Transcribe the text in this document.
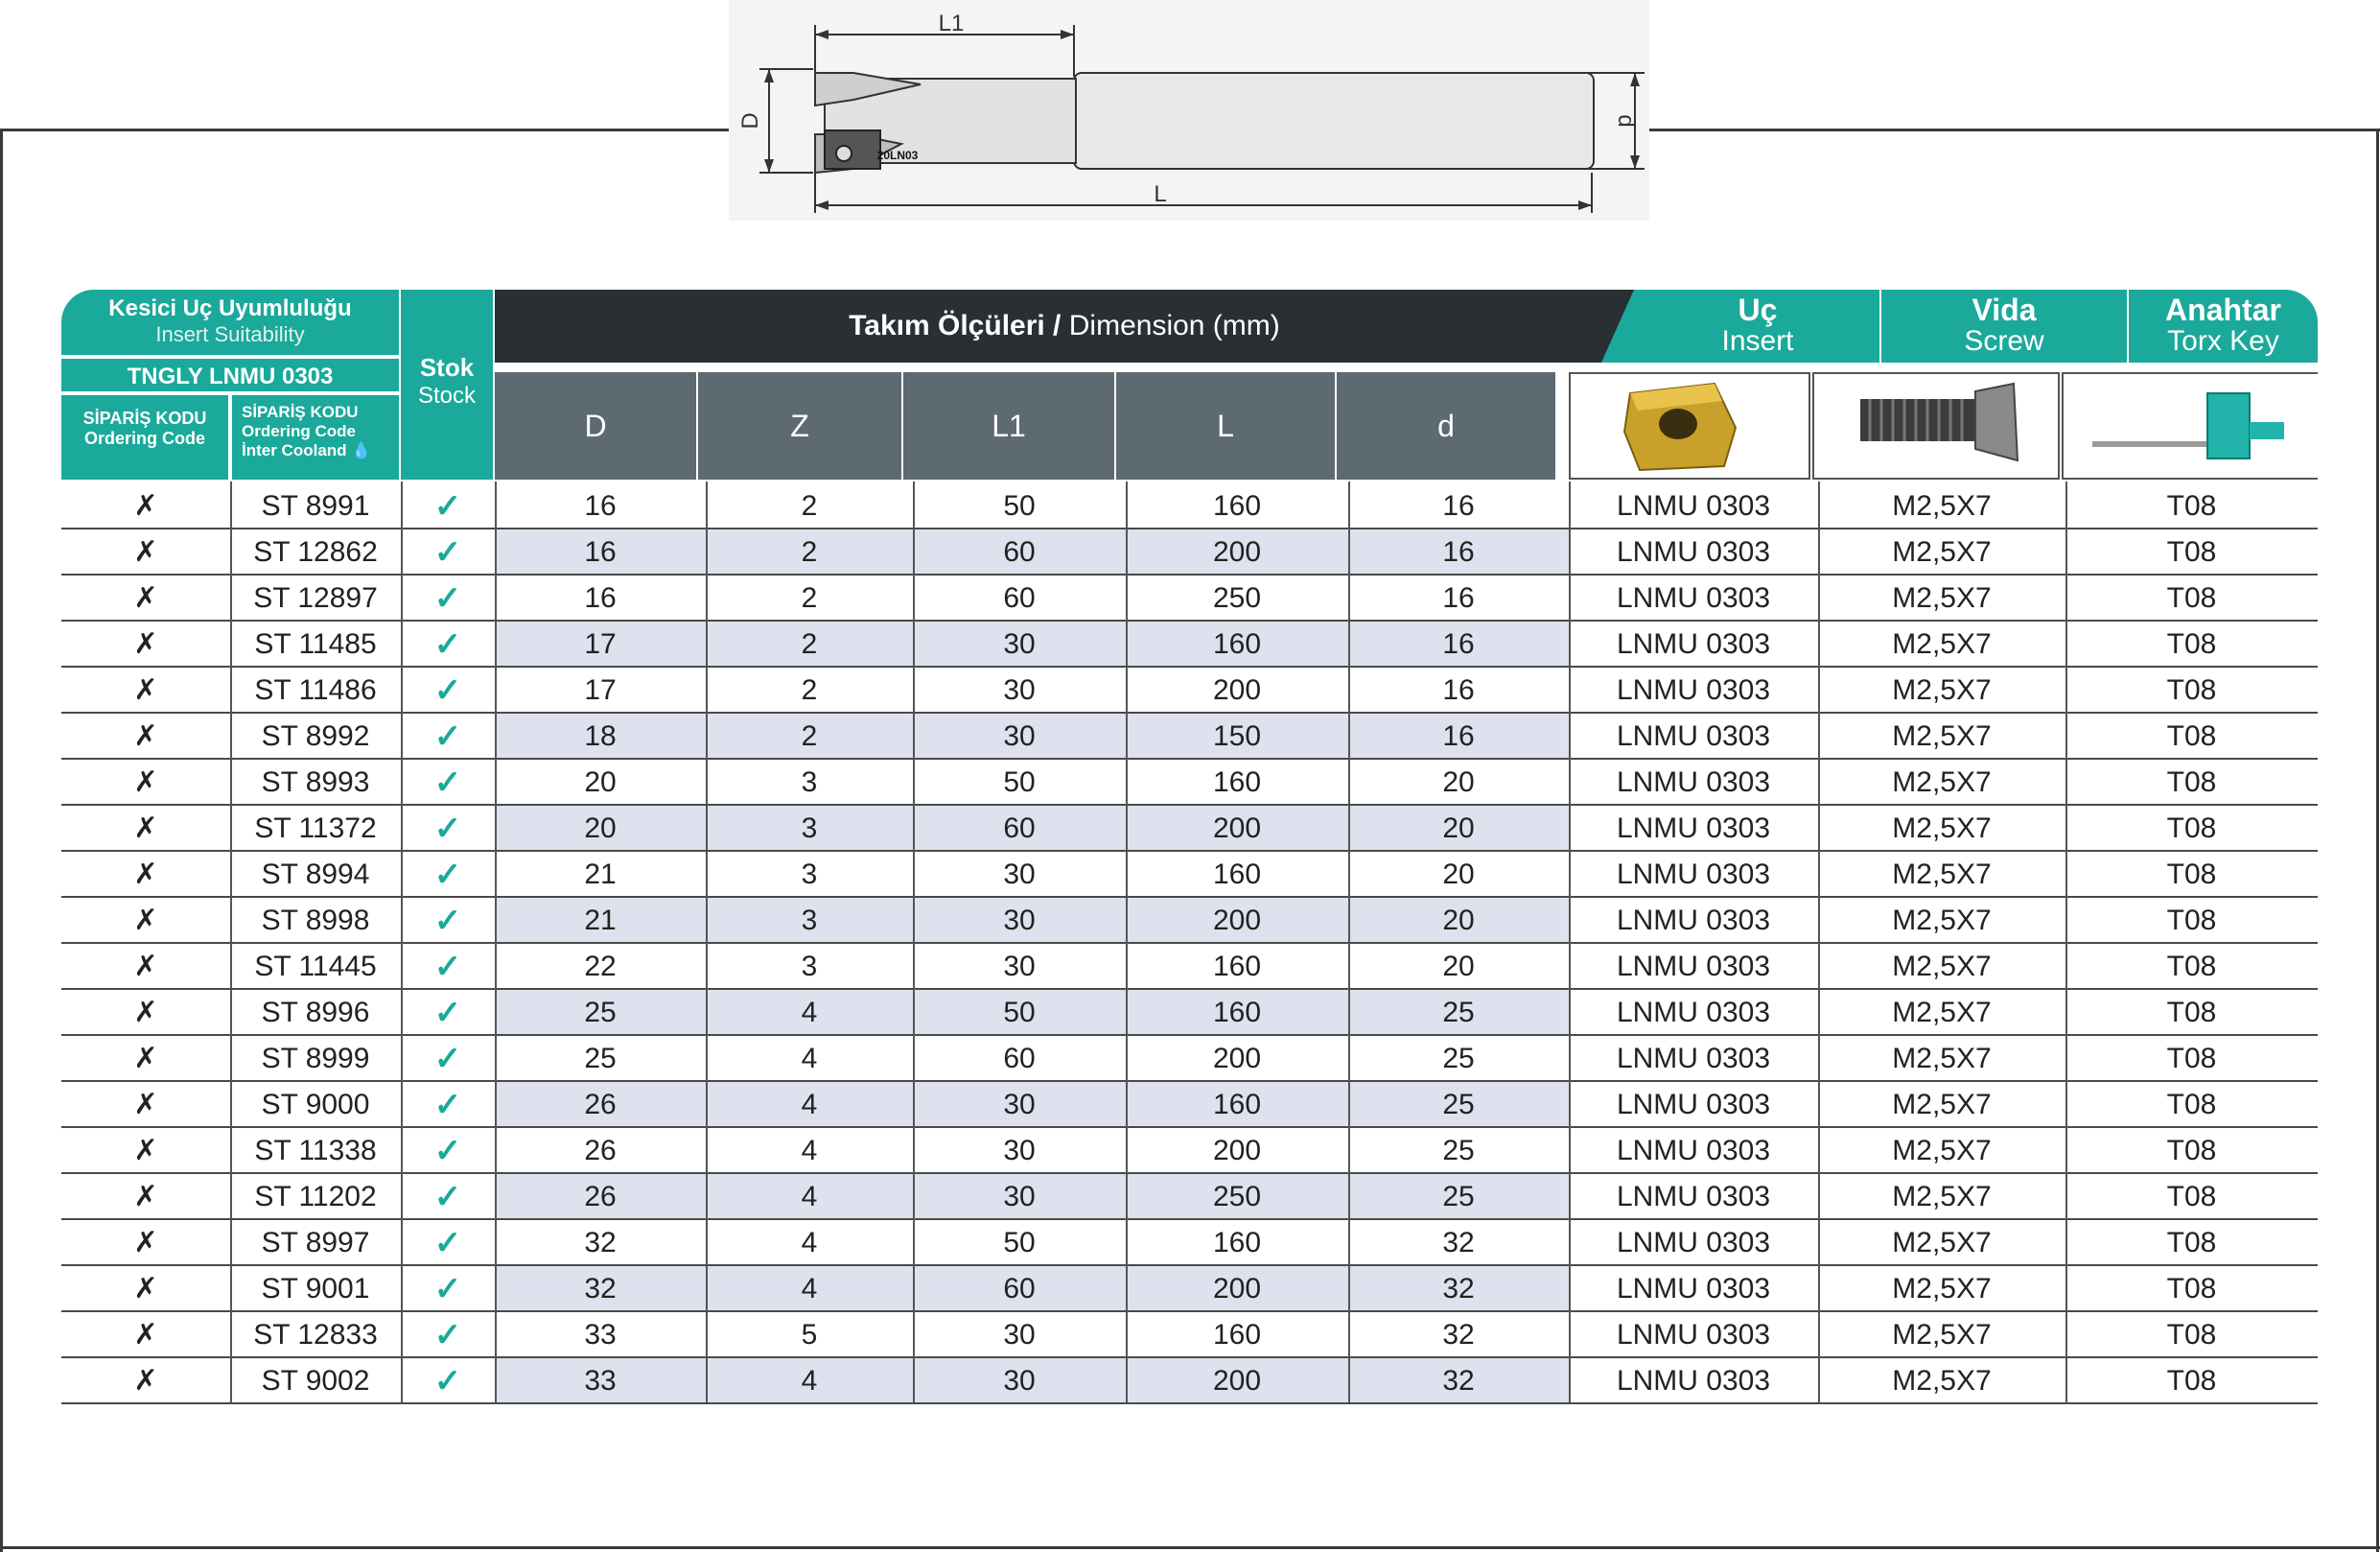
L1
D	d
20LN03
L
Kesici Uç Uyumluluğu
Insert Suitability
TNGLY LNMU 0303
SİPARİŞ KODU
Ordering Code
SİPARİŞ KODU
Ordering Code
İnter Cooland 💧
Stok
Stock
Takım Ölçüleri / Dimension (mm)	Uç
Insert
Vida
Screw
Anahtar
Torx Key
D	Z	L1	L	d
✗	ST 8991	✓	16	2	50	160	16	LNMU 0303	M2,5X7	T08
✗	ST 12862	✓	16	2	60	200	16	LNMU 0303	M2,5X7	T08
✗	ST 12897	✓	16	2	60	250	16	LNMU 0303	M2,5X7	T08
✗	ST 11485	✓	17	2	30	160	16	LNMU 0303	M2,5X7	T08
✗	ST 11486	✓	17	2	30	200	16	LNMU 0303	M2,5X7	T08
✗	ST 8992	✓	18	2	30	150	16	LNMU 0303	M2,5X7	T08
✗	ST 8993	✓	20	3	50	160	20	LNMU 0303	M2,5X7	T08
✗	ST 11372	✓	20	3	60	200	20	LNMU 0303	M2,5X7	T08
✗	ST 8994	✓	21	3	30	160	20	LNMU 0303	M2,5X7	T08
✗	ST 8998	✓	21	3	30	200	20	LNMU 0303	M2,5X7	T08
✗	ST 11445	✓	22	3	30	160	20	LNMU 0303	M2,5X7	T08
✗	ST 8996	✓	25	4	50	160	25	LNMU 0303	M2,5X7	T08
✗	ST 8999	✓	25	4	60	200	25	LNMU 0303	M2,5X7	T08
✗	ST 9000	✓	26	4	30	160	25	LNMU 0303	M2,5X7	T08
✗	ST 11338	✓	26	4	30	200	25	LNMU 0303	M2,5X7	T08
✗	ST 11202	✓	26	4	30	250	25	LNMU 0303	M2,5X7	T08
✗	ST 8997	✓	32	4	50	160	32	LNMU 0303	M2,5X7	T08
✗	ST 9001	✓	32	4	60	200	32	LNMU 0303	M2,5X7	T08
✗	ST 12833	✓	33	5	30	160	32	LNMU 0303	M2,5X7	T08
✗	ST 9002	✓	33	4	30	200	32	LNMU 0303	M2,5X7	T08
